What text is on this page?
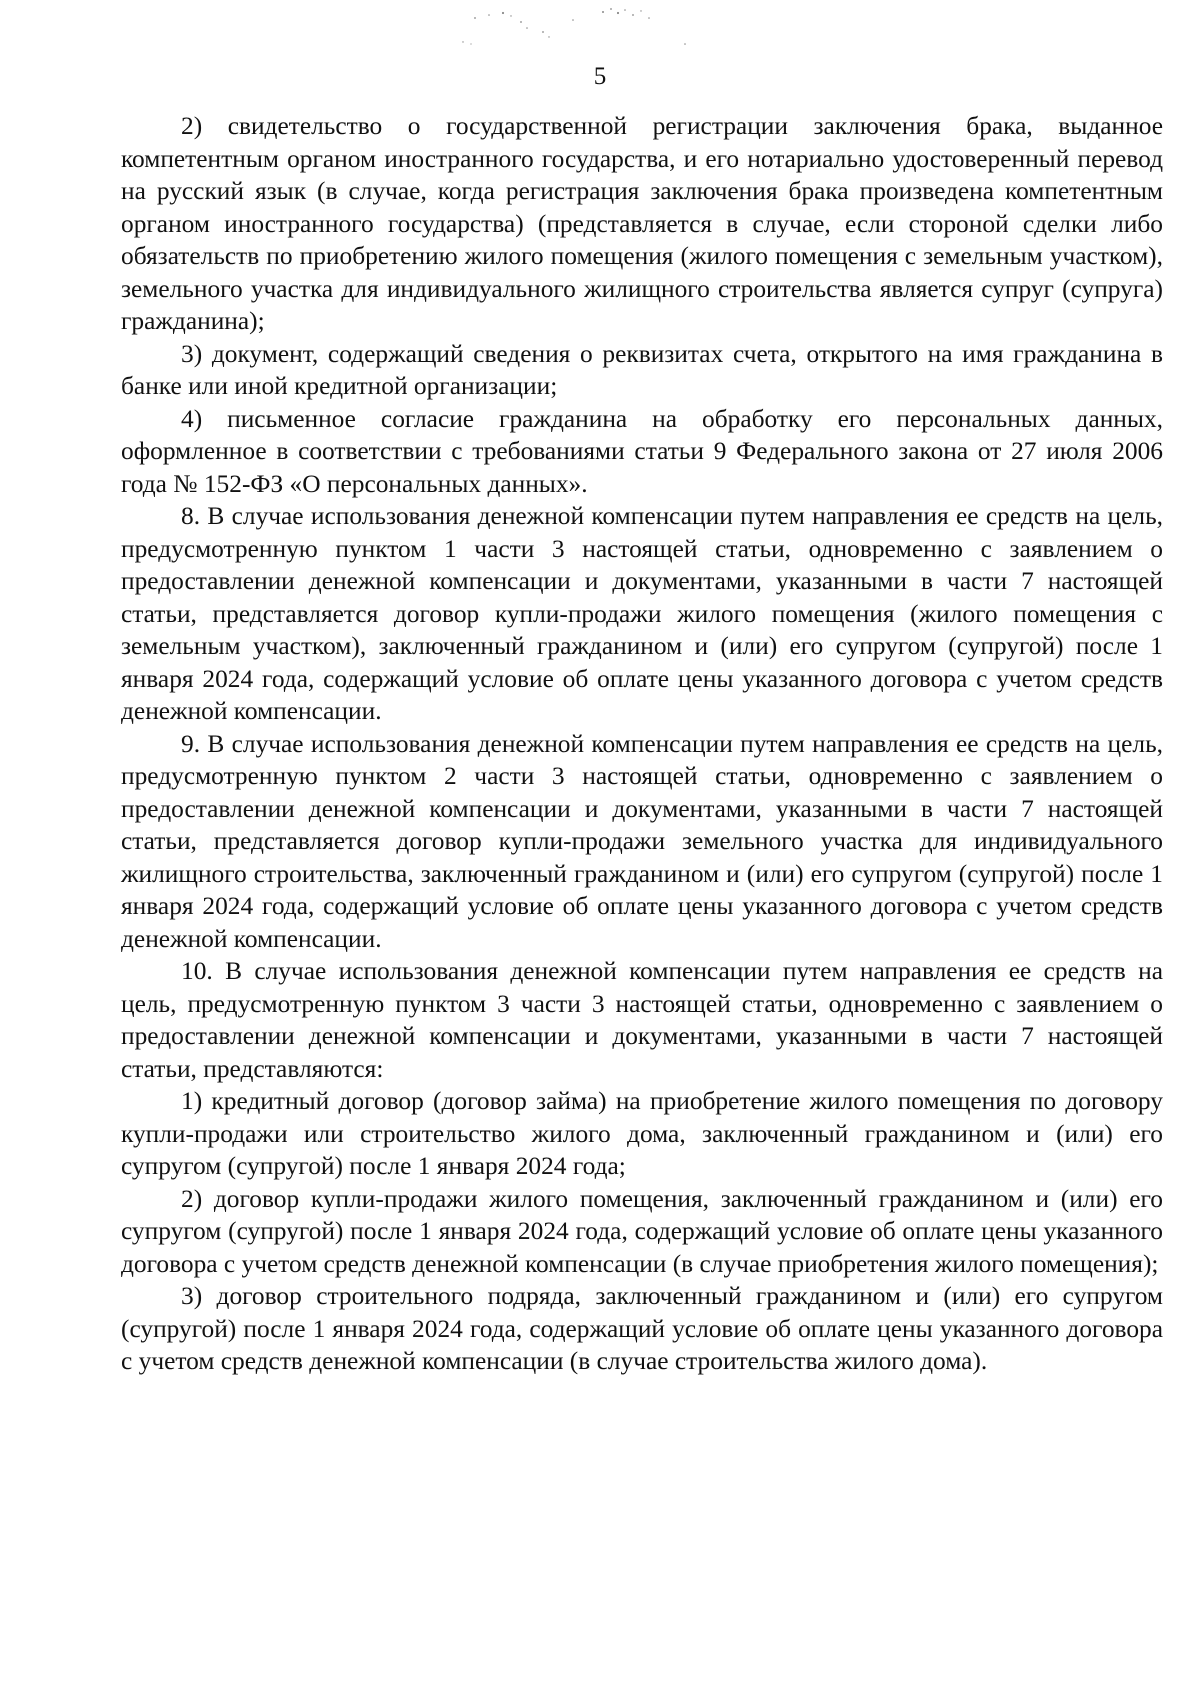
5

2) свидетельство о государственной регистрации заключения брака, выданное компетентным органом иностранного государства, и его нотариально удостоверенный перевод на русский язык (в случае, когда регистрация заключения брака произведена компетентным органом иностранного государства) (представляется в случае, если стороной сделки либо обязательств по приобретению жилого помещения (жилого помещения с земельным участком), земельного участка для индивидуального жилищного строительства является супруг (супруга) гражданина);

3) документ, содержащий сведения о реквизитах счета, открытого на имя гражданина в банке или иной кредитной организации;

4) письменное согласие гражданина на обработку его персональных данных, оформленное в соответствии с требованиями статьи 9 Федерального закона от 27 июля 2006 года № 152-ФЗ «О персональных данных».

8. В случае использования денежной компенсации путем направления ее средств на цель, предусмотренную пунктом 1 части 3 настоящей статьи, одновременно с заявлением о предоставлении денежной компенсации и документами, указанными в части 7 настоящей статьи, представляется договор купли-продажи жилого помещения (жилого помещения с земельным участком), заключенный гражданином и (или) его супругом (супругой) после 1 января 2024 года, содержащий условие об оплате цены указанного договора с учетом средств денежной компенсации.

9. В случае использования денежной компенсации путем направления ее средств на цель, предусмотренную пунктом 2 части 3 настоящей статьи, одновременно с заявлением о предоставлении денежной компенсации и документами, указанными в части 7 настоящей статьи, представляется договор купли-продажи земельного участка для индивидуального жилищного строительства, заключенный гражданином и (или) его супругом (супругой) после 1 января 2024 года, содержащий условие об оплате цены указанного договора с учетом средств денежной компенсации.

10. В случае использования денежной компенсации путем направления ее средств на цель, предусмотренную пунктом 3 части 3 настоящей статьи, одновременно с заявлением о предоставлении денежной компенсации и документами, указанными в части 7 настоящей статьи, представляются:

1) кредитный договор (договор займа) на приобретение жилого помещения по договору купли-продажи или строительство жилого дома, заключенный гражданином и (или) его супругом (супругой) после 1 января 2024 года;

2) договор купли-продажи жилого помещения, заключенный гражданином и (или) его супругом (супругой) после 1 января 2024 года, содержащий условие об оплате цены указанного договора с учетом средств денежной компенсации (в случае приобретения жилого помещения);

3) договор строительного подряда, заключенный гражданином и (или) его супругом (супругой) после 1 января 2024 года, содержащий условие об оплате цены указанного договора с учетом средств денежной компенсации (в случае строительства жилого дома).
